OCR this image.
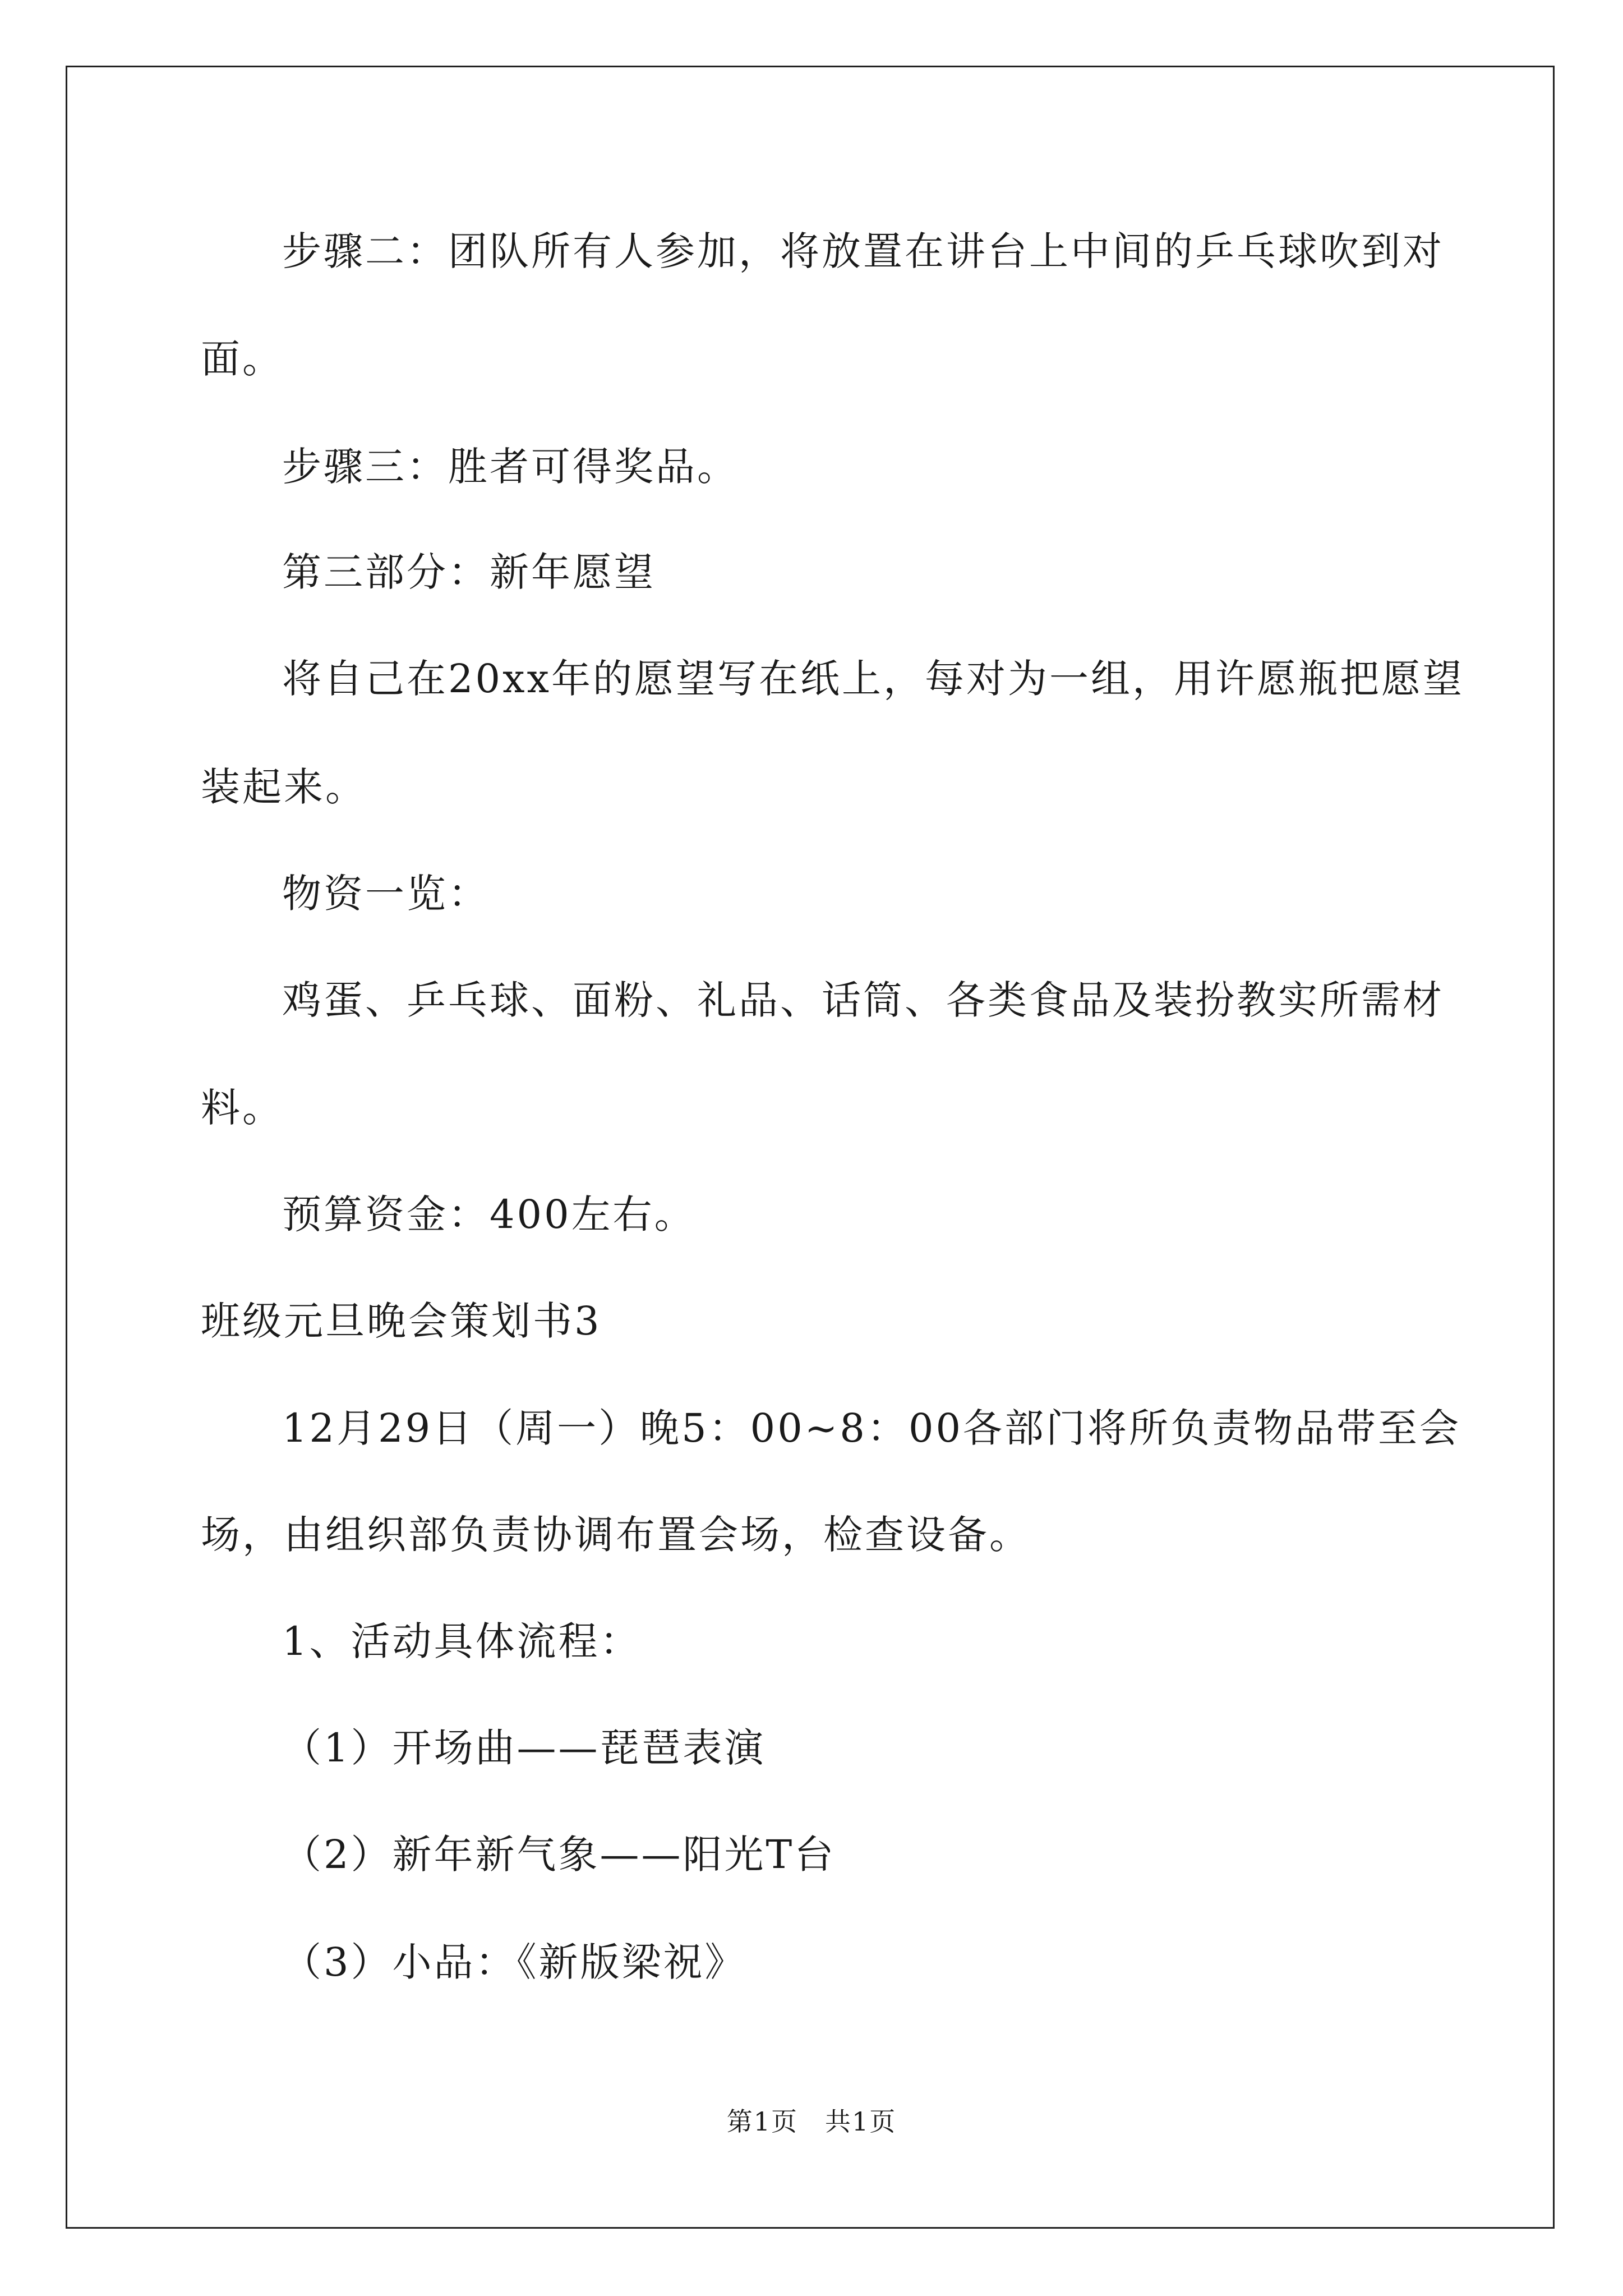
步骤二：团队所有人参加，将放置在讲台上中间的乒乓球吹到对
面。
步骤三：胜者可得奖品。
第三部分：新年愿望
将自己在20xx年的愿望写在纸上，每对为一组，用许愿瓶把愿望
装起来。
物资一览：
鸡蛋、乒乓球、面粉、礼品、话筒、各类食品及装扮教实所需材
料。
预算资金：400左右。
班级元旦晚会策划书3
12月29日（周一）晚5：00~8：00各部门将所负责物品带至会
场，由组织部负责协调布置会场，检查设备。
1、活动具体流程：
（1）开场曲——琵琶表演
（2）新年新气象——阳光T台
（3）小品：《新版梁祝》
第1页　共1页
